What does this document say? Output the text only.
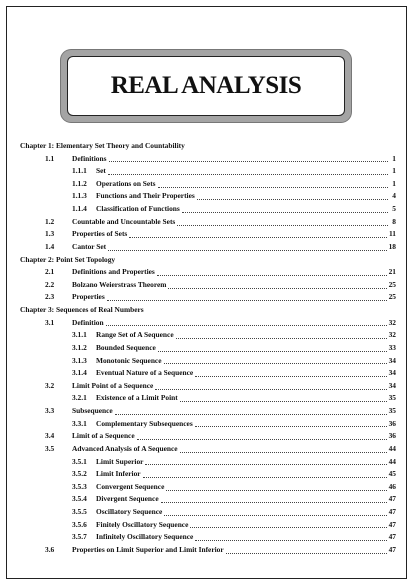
REAL ANALYSIS
Chapter 1: Elementary Set Theory and Countability
1.1	Definitions	1
1.1.1	Set	1
1.1.2	Operations on Sets	1
1.1.3	Functions and Their Properties	4
1.1.4	Classification of Functions	5
1.2	Countable and Uncountable Sets	8
1.3	Properties of Sets	11
1.4	Cantor Set	18
Chapter 2: Point Set Topology
2.1	Definitions and Properties	21
2.2	Bolzano Weierstrass Theorem	25
2.3	Properties	25
Chapter 3: Sequences of Real Numbers
3.1	Definition	32
3.1.1	Range Set of A Sequence	32
3.1.2	Bounded Sequence	33
3.1.3	Monotonic Sequence	34
3.1.4	Eventual Nature of a Sequence	34
3.2	Limit Point of a Sequence	34
3.2.1	Existence of a Limit Point	35
3.3	Subsequence	35
3.3.1	Complementary Subsequences	36
3.4	Limit of a Sequence	36
3.5	Advanced Analysis of A Sequence	44
3.5.1	Limit Superior	44
3.5.2	Limit Inferior	45
3.5.3	Convergent Sequence	46
3.5.4	Divergent Sequence	47
3.5.5	Oscillatory Sequence	47
3.5.6	Finitely Oscillatory Sequence	47
3.5.7	Infinitely Oscillatory Sequence	47
3.6	Properties on Limit Superior and Limit Inferior	47
